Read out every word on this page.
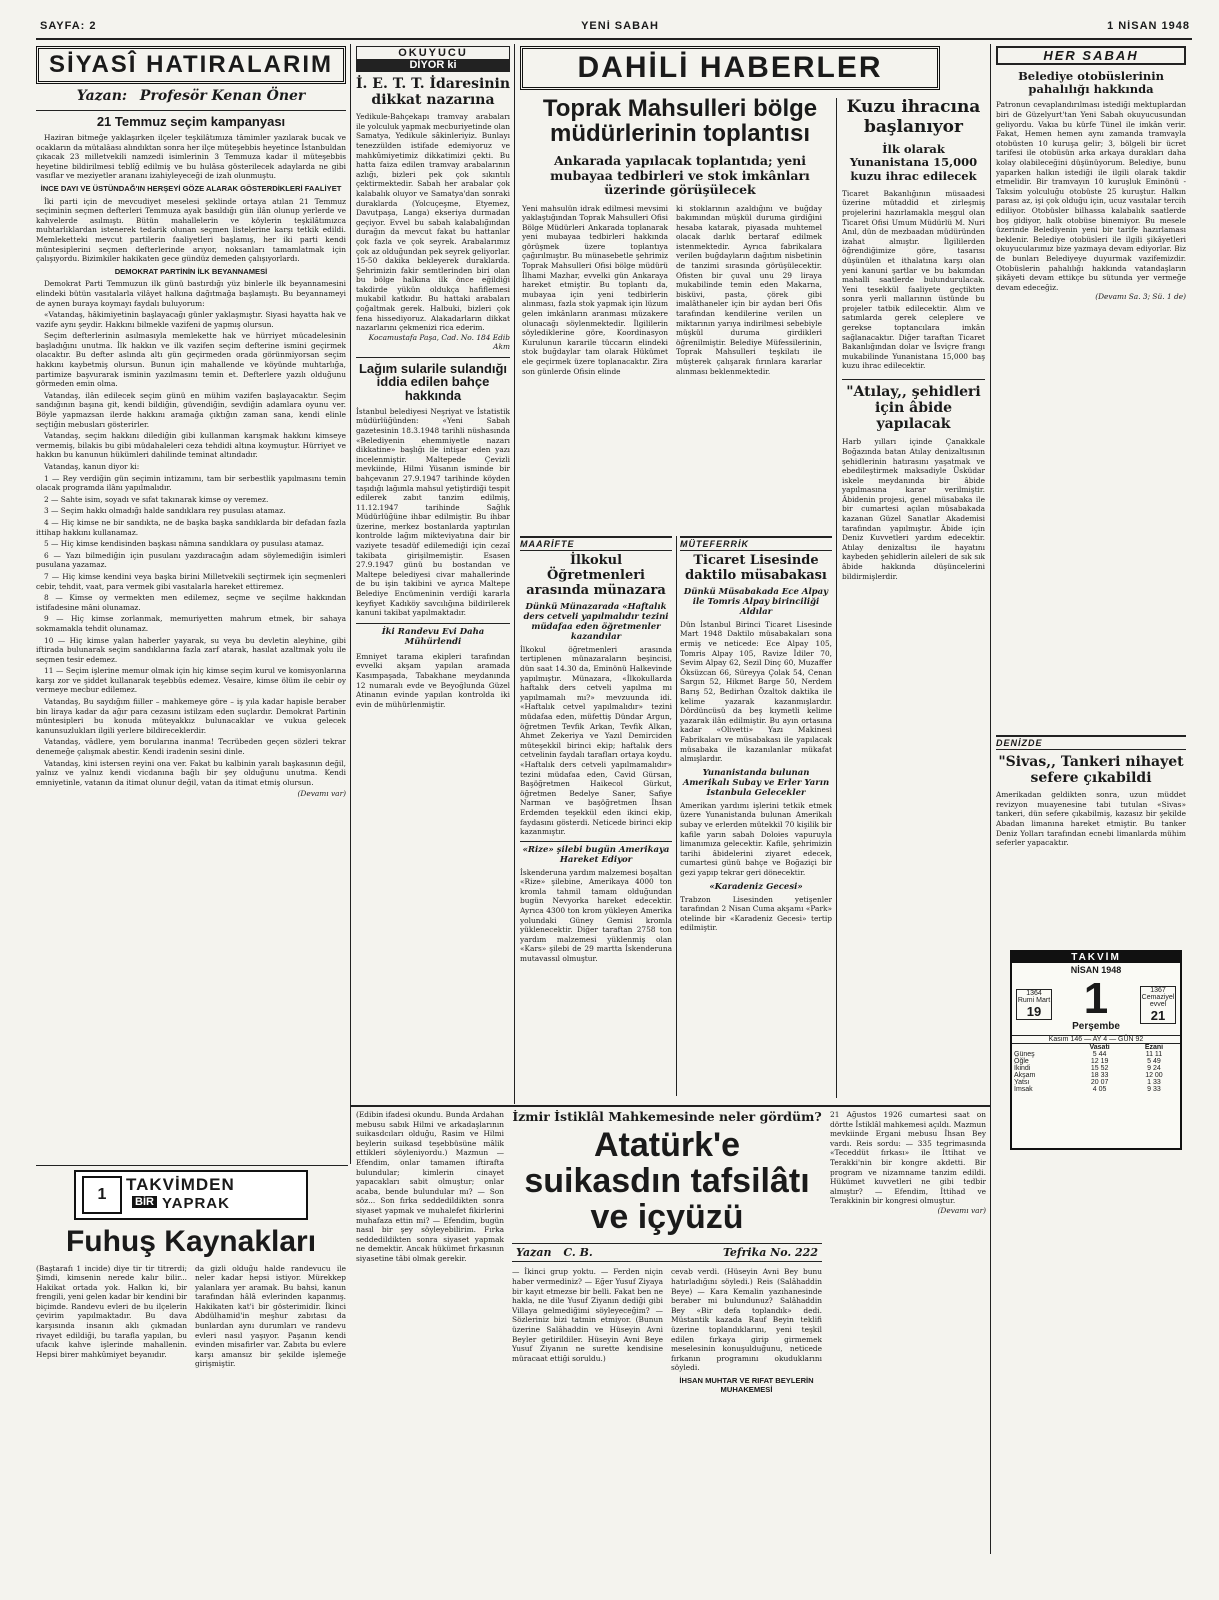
SAYFA: 2	YENİ SABAH	1 NİSAN 1948
SİYASÎ HATIRALARIM
Yazan: Profesör Kenan Öner
21 Temmuz seçim kampanyası

Haziran bitmeğe yaklaşırken ilçeler teşkilâtımıza tâmimler yazılarak bucak ve ocakların da mütalâası alındıktan sonra her ilçe müteşebbis heyetince İstanbuldan çıkacak 23 milletvekili namzedi isimlerinin 3 Temmuza kadar il müteşebbis heyetine bildirilmesi teblîğ edilmiş ve bu hulâsa gösterilecek adaylarda ne gibi vasıflar ve meziyetler arananı izahiyleyeceği de izah olunmuştu.

İNCE DAYI VE ÜSTÜNDAĞ'IN HERŞEYİ GÖZE ALARAK GÖSTERDİKLERİ FAALİYET

İki parti için de mevcudiyet meselesi şeklinde ortaya atılan 21 Temmuz seçiminin seçmen defterleri Temmuza ayak basıldığı gün ilân olunup yerlerde ve kahvelerde asılmıştı. Bütün mahallelerin ve köylerin teşkilâtımızca muhtarlıklardan istenerek tedarik olunan seçmen listelerine karşı tetkik edildi. Memleketteki mevcut partilerin faaliyetleri başlamış, her iki parti kendi müntesiplerini seçmen defterlerinde arıyor, noksanları tamamlatmak için çalışıyordu. Bizimkiler hakikaten gece gündüz demeden çalışıyorlardı.

DEMOKRAT PARTİNİN İLK BEYANNAMESİ

Demokrat Parti Temmuzun ilk günü bastırdığı yüz binlerle ilk beyannamesini elindeki bütün vasıtalarla vilâyet halkına dağıtmağa başlamıştı. Bu beyannameyi de aynen buraya koymayı faydalı buluyorum:

«Vatandaş, hâkimiyetinin başlayacağı günler yaklaşmıştır. Siyasi hayatta hak ve vazife aynı şeydir. Hakkını bilmekle vazifeni de yapmış olursun.

Seçim defterlerinin asılmasıyla memlekette hak ve hürriyet mücadelesinin başladığını unutma. İlk hakkın ve ilk vazifen seçim defterine ismini geçirmek olacaktır. Bu defter aslında altı gün geçirmeden orada görünmiyorsan seçim hakkını kaybetmiş olursun. Bunun için mahallende ve köyünde muhtarlığa, partimize başvurarak isminin yazılmasını temin et. Defterlere yazılı olduğunu görmeden emin olma.

Vatandaş, ilân edilecek seçim günü en mühim vazifen başlayacaktır. Seçim sandığının başına git, kendi bildiğin, güvendiğin, sevdiğin adamlara oyunu ver. Böyle yapmazsan ilerde hakkını aramağa çıktığın zaman sana, kendi elinle seçtiğin mebusları gösterirler.

Vatandaş, seçim hakkını dilediğin gibi kullanman karışmak hakkını kimseye vermemiş, bilakis bu gibi müdahaleleri ceza tehdidi altına koymuştur. Hürriyet ve hakkın bu kanunun hükümleri dahilinde teminat altındadır.

Vatandaş, kanun diyor ki:

1 — Rey verdiğin gün seçimin intizamını, tam bir serbestlik yapılmasını temin olacak programda ilânı yapılmalıdır.

2 — Sahte isim, soyadı ve sıfat takınarak kimse oy veremez.

3 — Seçim hakkı olmadığı halde sandıklara rey pusulası atamaz.

4 — Hiç kimse ne bir sandıkta, ne de başka başka sandıklarda bir defadan fazla ittihap hakkını kullanamaz.

5 — Hiç kimse kendisinden başkası nâmına sandıklara oy pusulası atamaz.

6 — Yazı bilmediğin için pusulanı yazdıracağın adam söylemediğin isimleri pusulana yazamaz.

7 — Hiç kimse kendini veya başka birini Milletvekili seçtirmek için seçmenleri cebir, tehdit, vaat, para vermek gibi vasıtalarla hareket ettiremez.

8 — Kimse oy vermekten men edilemez, seçme ve seçilme hakkından istifadesine mâni olunamaz.

9 — Hiç kimse zorlanmak, memuriyetten mahrum etmek, bir sahaya sokmamakla tehdit olunamaz.

10 — Hiç kimse yalan haberler yayarak, su veya bu devletin aleyhine, gibi iftirada bulunarak seçim sandıklarına fazla zarf atarak, hasılat azaltmak yolu ile seçmen tesir edemez.

11 — Seçim işlerine memur olmak için hiç kimse seçim kurul ve komisyonlarına karşı zor ve şiddet kullanarak teşebbüs edemez. Vesaire, kimse ölüm ile cebir oy vermeye mecbur edilemez.

Vatandaş, Bu saydığım fiiller – mahkemeye göre – iş yıla kadar hapisle beraber bin liraya kadar da ağır para cezasını istilzam eden suçlardır. Demokrat Partinin müntesipleri bu konuda müteyakkız bulunacaklar ve vukua gelecek kanunsuzlukları ilgili yerlere bildireceklerdir.

Vatandaş, vâdlere, yem borularına inanma! Tecrübeden geçen sözleri tekrar denemeğe çalışmak abestir. Kendi iradenin sesini dinle.

Vatandaş, kini istersen reyini ona ver. Fakat bu kalbinin yaralı başkasının değil, yalnız ve yalnız kendi vicdanına bağlı bir şey olduğunu unutma. Kendi emniyetinle, vatanın da itimat olunur değil, vatan da itimat etmiş olursun.

(Devamı var)
1
TAKVİMDEN
BİR YAPRAK
Fuhuş Kaynakları
(Baştarafı 1 incide) diye tir tir titrerdi; Şimdi, kimsenin nerede kalır bilir... Hakikat ortada yok. Halkın ki, bir frengili, yeni gelen kadar bir kendini bir biçimde. Randevu evleri de bu ilçelerin çevirim yapılmaktadır. Bu dava karşısında insanın aklı çıkmadan rivayet edildiği, bu tarafla yapılan, bu ufacık kahve işlerinde mahallenin. Hepsi birer mahkûmiyet beyanıdır.
da gizli olduğu halde randevucu ile neler kadar hepsi istiyor. Mürekkep yalanlara yer aramak. Bu bahsi, kanun tarafından hâlâ evlerinden kapanmış. Hakikaten kat'i bir gösterimidir. İkinci Abdülhamid'in meşhur zabıtası da bunlardan aynı durumları ve randevu evleri nasıl yaşıyor. Paşanın kendi evinden misafirler var. Zabıta bu evlere karşı amansız bir şekilde işlemeğe girişmiştir.
OKUYUCU
DİYOR ki
İ. E. T. T. İdaresinin dikkat nazarına
Yedikule-Bahçekapı tramvay arabaları ile yolculuk yapmak mecburiyetinde olan Samatya, Yedikule sâkinleriyiz. Bunlayı tenezzülden istifade edemiyoruz ve mahkûmiyetimiz dikkatimizi çekti. Bu hatta faiza edilen tramvay arabalarının azlığı, bizleri pek çok sıkıntılı çektirmektedir. Sabah her arabalar çok kalabalık oluyor ve Samatya'dan sonraki duraklarda (Yolcuçeşme, Etyemez, Davutpaşa, Langa) ekseriya durmadan geçiyor. Evvel bu sabah kalabalığından durağın da mevcut fakat bu hattanlar çok fazla ve çok seyrek. Arabalarımız çok az olduğundan pek seyrek geliyorlar. 15-50 dakika bekleyerek duraklarda. Şehrimizin fakir semtlerinden biri olan bu bölge halkına ilk önce eğildiği takdirde yükün oldukça hafiflemesi mukabil katkıdır. Bu hattaki arabaları çoğaltmak gerek. Halbuki, bizleri çok fena hissediyoruz. Alakadarların dikkat nazarlarını çekmenizi rica ederim.
Kocamustafa Paşa, Cad. No. 184 Edib Akm
Lağım sularile sulandığı iddia edilen bahçe hakkında
İstanbul belediyesi Neşriyat ve İstatistik müdürlüğünden: «Yeni Sabah gazetesinin 18.3.1948 tarihli nüshasında «Belediyenin ehemmiyetle nazarı dikkatine» başlığı ile intişar eden yazı incelenmiştir. Maltepede Çevizli mevkiinde, Hilmi Yüsanın isminde bir bahçevanın 27.9.1947 tarihinde köyden taşıdığı lağımla mahsul yetiştirdiği tespit edilerek zabıt tanzim edilmiş, 11.12.1947 tarihinde Sağlık Müdürlüğüne ihbar edilmiştir. Bu ihbar üzerine, merkez bostanlarda yaptırılan kontrolde lağım mikteviyatına dair bir vaziyete tesadüf edilemediği için cezaî takibata girişilmemiştir. Esasen 27.9.1947 günü bu bostandan ve Maltepe belediyesi civar mahallerinde de bu işin takibini ve ayrıca Maltepe Belediye Encümeninin verdiği kararla keyfiyet Kadıköy savcılığına bildirilerek kanuni takibat yapılmaktadır.
İki Randevu Evi Daha Mühürlendi
Emniyet tarama ekipleri tarafından evvelki akşam yapılan aramada Kasımpaşada, Tabakhane meydanında 12 numaralı evde ve Beyoğlunda Güzel Atinanın evinde yapılan kontrolda iki evin de mühürlenmiştir.
DAHİLİ HABERLER
Toprak Mahsulleri bölge müdürlerinin toplantısı
Ankarada yapılacak toplantıda; yeni mubayaa tedbirleri ve stok imkânları üzerinde görüşülecek
Yeni mahsulün idrak edilmesi mevsimi yaklaştığından Toprak Mahsulleri Ofisi Bölge Müdürleri Ankarada toplanarak yeni mubayaa tedbirleri hakkında görüşmek üzere toplantıya çağırılmıştır. Bu münasebetle şehrimiz Toprak Mahsulleri Ofisi bölge müdürü İlhami Mazhar, evvelki gün Ankaraya hareket etmiştir. Bu toplantı da, mubayaa için yeni tedbirlerin alınması, fazla stok yapmak için lüzum gelen imkânların aranması müzakere olunacağı söylenmektedir. İlgililerin söylediklerine göre, Koordinasyon Kurulunun kararile tüccarın elindeki stok buğdaylar tam olarak Hükümet ele geçirmek üzere toplanacaktır. Zira son günlerde Ofisin elinde
ki stoklarının azaldığını ve buğday bakımından müşkül duruma girdiğini hesaba katarak, piyasada muhtemel olacak darlık bertaraf edilmek istenmektedir. Ayrıca fabrikalara verilen buğdayların dağıtım nisbetinin de tanzimi sırasında görüşülecektir. Ofisten bir çuval unu 29 liraya mukabilinde temin eden Makarna, bisküvi, pasta, çörek gibi imalâthaneler için bir aydan beri Ofis tarafından kendilerine verilen un miktarının yarıya indirilmesi sebebiyle müşkül duruma girdikleri öğrenilmiştir. Belediye Müfessilerinin, Toprak Mahsulleri teşkilatı ile müşterek çalışarak fırınlara kararlar alınması beklenmektedir.
MAARİFTE
İlkokul Öğretmenleri arasında münazara
Dünkü Münazarada «Haftalık ders cetveli yapılmalıdır tezini müdafaa eden öğretmenler kazandılar
İlkokul öğretmenleri arasında tertiplenen münazaraların beşincisi, dün saat 14.30 da, Eminönü Halkevinde yapılmıştır. Münazara, «İlkokullarda haftalık ders cetveli yapılma mı yapılmamalı mı?» mevzuunda idi. «Haftalık cetvel yapılmalıdır» tezini müdafaa eden, müfettiş Dündar Argun, öğretmen Tevfik Arkan, Tevfik Alkan, Ahmet Zekeriya ve Yazıl Demirciden müteşekkil birinci ekip; haftalık ders cetvelinin faydalı tarafları ortaya koydu. «Haftalık ders cetveli yapılmamalıdır» tezini müdafaa eden, Cavid Gürsan, Başöğretmen Haikecol Gürkut, öğretmen Bedelye Saner, Safiye Narman ve başöğretmen İhsan Erdemden teşekkül eden ikinci ekip, faydasını gösterdi. Neticede birinci ekip kazanmıştır.
«Rize» şilebi bugün Amerikaya Hareket Ediyor
İskenderuna yardım malzemesi boşaltan «Rize» şilebine, Amerikaya 4000 ton kromla tahmil tamam olduğundan bugün Nevyorka hareket edecektir. Ayrıca 4300 ton krom yükleyen Amerika yolundaki Güney Gemisi kromla yüklenecektir. Diğer taraftan 2758 ton yardım malzemesi yüklenmiş olan «Kars» şilebi de 29 martta İskenderuna mutavassıl olmuştur.
MÜTEFERRİK
Ticaret Lisesinde daktilo müsabakası
Dünkü Müsabakada Ece Alpay ile Tomris Alpay birinciliği Aldılar
Dün İstanbul Birinci Ticaret Lisesinde Mart 1948 Daktilo müsabakaları sona ermiş ve neticede: Ece Alpay 105, Tomris Alpay 105, Ravize İdiler 70, Sevim Alpay 62, Sezil Dinç 60, Muzaffer Öksüzcan 66, Süreyya Çolak 54, Cenan Sargın 52, Hikmet Barge 50, Nerdem Barış 52, Bedirhan Özaltok daktika ile kelime yazarak kazanmışlardır. Dördüncüsü da beş kıymetli kelime yazarak ilân edilmiştir. Bu ayın ortasına kadar «Olivetti» Yazı Makinesi Fabrikaları ve müsabakası ile yapılacak müsabaka ile kazanılanlar mükafat almışlardır.
Yunanistanda bulunan Amerikalı Subay ve Erler Yarın İstanbula Gelecekler
Amerikan yardımı işlerini tetkik etmek üzere Yunanistanda bulunan Amerikalı subay ve erlerden mütekkil 70 kişilik bir kafile yarın sabah Doloies vapuruyla limanımıza gelecektir. Kafile, şehrimizin tarihi âbidelerini ziyaret edecek, cumartesi günü bahçe ve Boğaziçi bir gezi yapıp tekrar geri dönecektir.
«Karadeniz Gecesi»
Trabzon Lisesinden yetişenler tarafından 2 Nisan Cuma akşamı «Park» otelinde bir «Karadeniz Gecesi» tertip edilmiştir.
Kuzu ihracına başlanıyor
İlk olarak Yunanistana 15,000 kuzu ihrac edilecek
Ticaret Bakanlığının müsaadesi üzerine mütaddid et zirleşmiş projelerini hazırlamakla meşgul olan Ticaret Ofisi Umum Müdürlü M. Nuri Anıl, dün de mezbaadan müdüründen izahat almıştır. İlgililerden öğrendiğimize göre, tasarısı düşünülen et ithalatına karşı olan yeni kanuni şartlar ve bu bakımdan mahalli saatlerde bulundurulacak. Yeni tesekkül faaliyete geçtikten sonra yerli mallarının üstünde bu projeler tatbik edilecektir. Alım ve satımlarda gerek celeplere ve gerekse toptancılara imkân sağlanacaktır. Diğer taraftan Ticaret Bakanlığından dolar ve İsviçre frangı mukabilinde Yunanistana 15,000 baş kuzu ihrac edilecektir.
"Atılay,, şehidleri için âbide yapılacak
Harb yılları içinde Çanakkale Boğazında batan Atılay denizaltısının şehidlerinin hatırasını yaşatmak ve ebedileştirmek maksadiyle Üsküdar iskele meydanında bir âbide yapılmasına karar verilmiştir. Âbidenin projesi, genel müsabaka ile bir cumartesi açılan müsabakada kazanan Güzel Sanatlar Akademisi tarafından yapılmıştır. Âbide için Deniz Kuvvetleri yardım edecektir. Atılay denizaltısı ile hayatını kaybeden şehidlerin aileleri de sık sık âbide hakkında düşüncelerini bildirmişlerdir.
HER SABAH
Belediye otobüslerinin pahalılığı hakkında
Patronun cevaplandırılması istediği mektuplardan biri de Güzelyurt'tan Yeni Sabah okuyucusundan geliyordu. Vakıa bu kürfe Tünel ile imkân verir. Fakat, Hemen hemen aynı zamanda tramvayla otobüsten 10 kuruşa gelir; 3, bölgeli bir ücret tarifesi ile otobüsün arka arkaya durakları daha kolay olabileceğini düşünüyorum. Belediye, bunu yaparken halkın istediği ile ilgili olarak takdir etmelidir. Bir tramvayın 10 kuruşluk Eminönü - Taksim yolculuğu otobüste 25 kuruştur. Halkın parası az, işi çok olduğu için, ucuz vasıtalar tercih ediliyor. Otobüsler bilhassa kalabalık saatlerde boş gidiyor, halk otobüse binemiyor. Bu mesele üzerinde Belediyenin yeni bir tarife hazırlaması beklenir. Belediye otobüsleri ile ilgili şikâyetleri okuyucularımız bize yazmaya devam ediyorlar. Biz de bunları Belediyeye duyurmak vazifemizdir. Otobüslerin pahalılığı hakkında vatandaşların şikâyeti devam ettikçe bu sütunda yer vermeğe devam edeceğiz.
(Devamı Sa. 3; Sü. 1 de)
DENİZDE
"Sivas,, Tankeri nihayet sefere çıkabildi
Amerikadan geldikten sonra, uzun müddet revizyon muayenesine tabi tutulan «Sivas» tankeri, dün sefere çıkabilmiş, kazasız bir şekilde Abadan limanına hareket etmiştir. Bu tanker Deniz Yolları tarafından ecnebi limanlarda mühim seferler yapacaktır.
TAKVİM
NİSAN 1948
1364
Rumi Mart
19 1
Perşembe
1367
Cemaziyel evvel
21
Kasım 146 — AY 4 — GÜN 92
	Vasati	Ezani
Güneş	5 44	11 11
Öğle	12 19	5 49
İkindi	15 52	9 24
Akşam	18 33	12 00
Yatsı	20 07	1 33
İmsak	4 05	9 33
(Edibin ifadesi okundu. Bunda Ardahan mebusu sabık Hilmi ve arkadaşlarının suikasdcıları olduğu, Rasim ve Hilmi beylerin suikasd teşebbüsüne mâlik ettikleri söyleniyordu.) Mazmun — Efendim, onlar tamamen iftirafta bulundular; kimlerin cinayet yapacakları sabit olmuştur; onlar acaba, bende bulundular mı? — Son söz... Son fırka seddedildikten sonra siyaset yapmak ve muhalefet fikirlerini muhafaza ettin mi? — Efendim, bugün nasıl bir şey söyleyebilirim. Fırka seddedildikten sonra siyaset yapmak ne demektir. Ancak hükümet fırkasının siyasetine tâbi olmak gerekir.
İzmir İstiklâl Mahkemesinde neler gördüm?
Atatürk'e suikasdın tafsilâtı ve içyüzü
Yazan C. B.	Tefrika No. 222
— İkinci grup yoktu. — Ferden niçin haber vermediniz? — Eğer Yusuf Ziyaya bir kayıt etmezse bir belli. Fakat ben ne hakla, ne dile Yusuf Ziyanın dediği gibi Villaya gelmediğimi söyleyeceğim? — Sözleriniz bizi tatmin etmiyor. (Bunun üzerine Salâhaddin ve Hüseyin Avni Beyler getirildiler. Hüseyin Avni Beye Yusuf Ziyanın ne surette kendisine müracaat ettiği soruldu.)
cevab verdi. (Hüseyin Avni Bey bunu hatırladığını söyledi.) Reis (Salâhaddin Beye) — Kara Kemalin yazıhanesinde beraber mi bulundunuz? Salâhaddin Bey «Bir defa toplandık» dedi. Müstantik kazada Rauf Beyin teklifi üzerine toplandıklarını, yeni teşkil edilen fırkaya girip girmemek meselesinin konuşulduğunu, neticede fırkanın programını okuduklarını söyledi.
İHSAN MUHTAR VE RIFAT BEYLERİN MUHAKEMESİ
21 Ağustos 1926 cumartesi saat on dörtte İstiklâl mahkemesi açıldı. Mazmun mevkiinde Ergani mebusu İhsan Bey vardı. Reis sordu: — 335 tegrimasında «Teceddüt fırkası» ile İttihat ve Terakki'nin bir kongre akdetti. Bir program ve nizamname tanzim edildi. Hükümet kuvvetleri ne gibi tedbir almıştır? — Efendim, İttihad ve Terakkinin bir kongresi olmuştur.
(Devamı var)
